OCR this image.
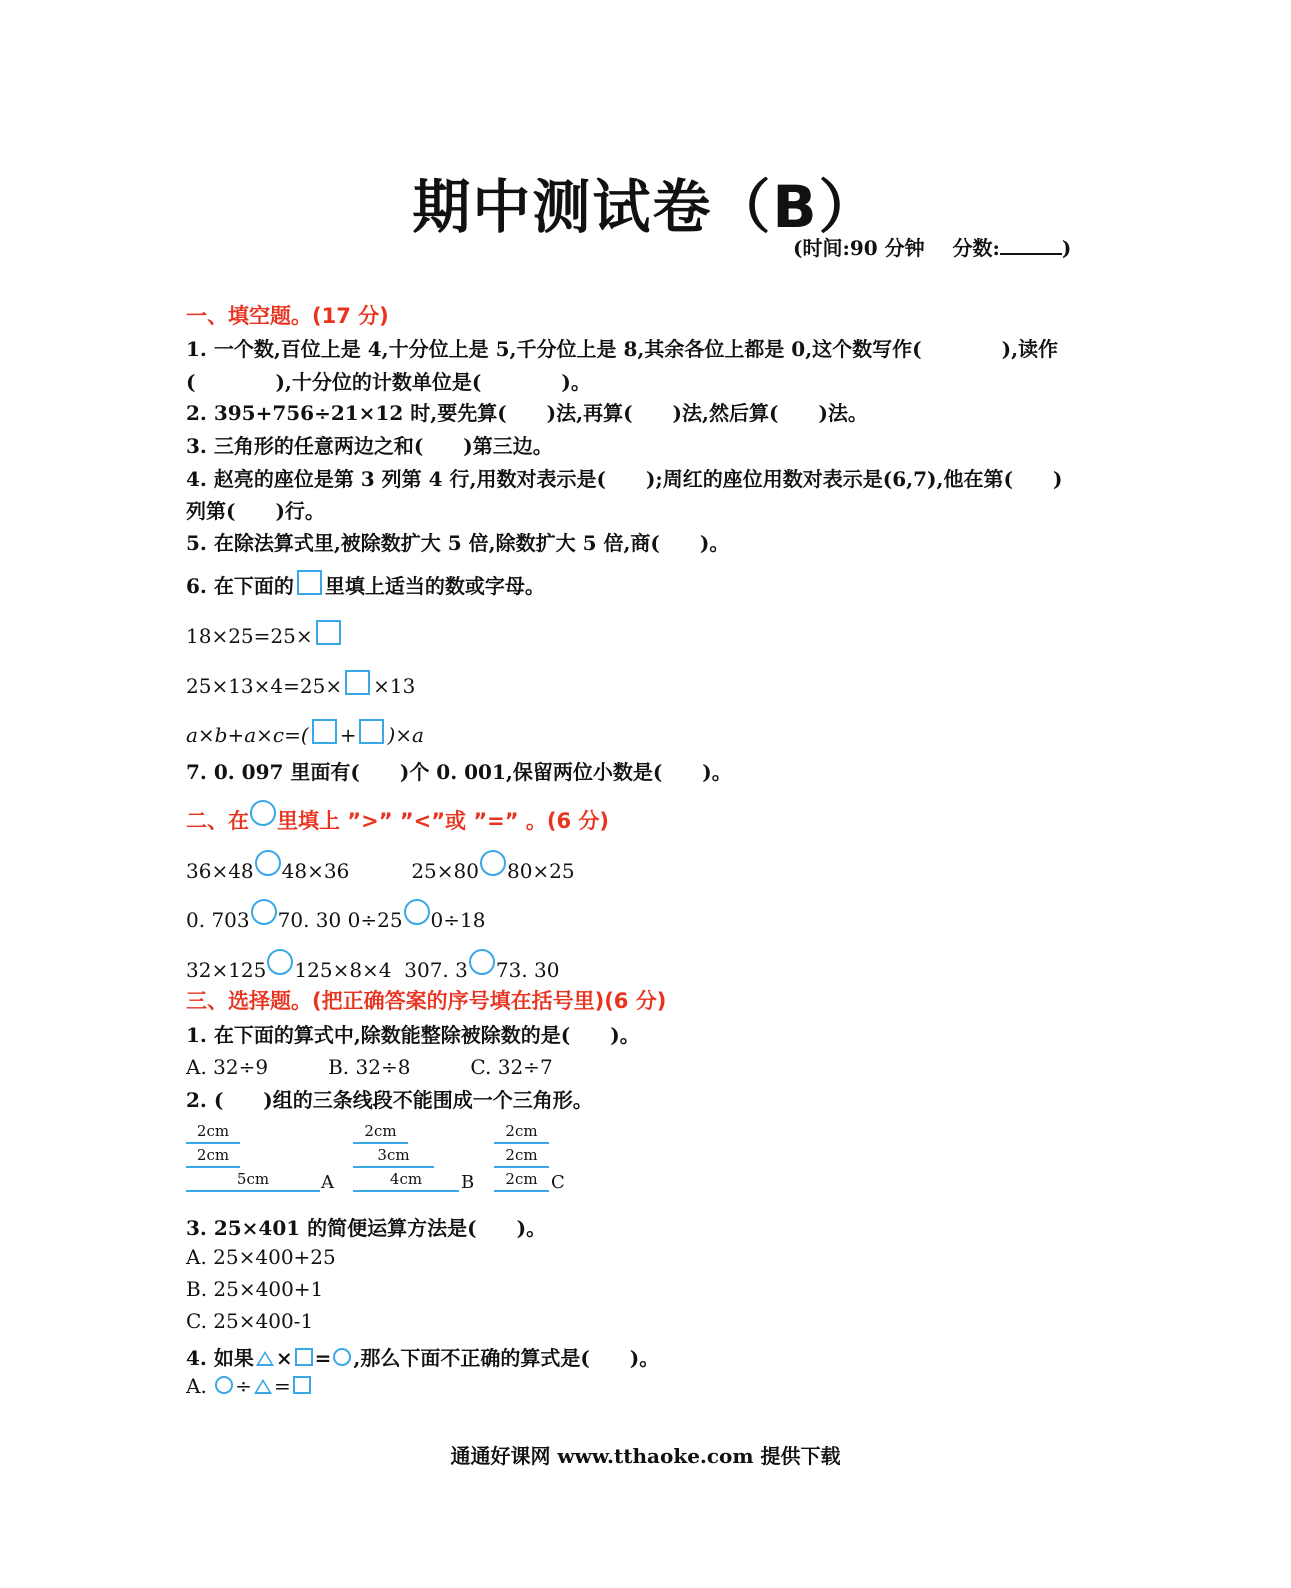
期中测试卷（B）
(时间:90 分钟 分数:	)
一、填空题。(17 分)
1. 一个数,百位上是 4,十分位上是 5,千分位上是 8,其余各位上都是 0,这个数写作(　　　　),读作
(　　　　),十分位的计数单位是(　　　　)。
2. 395+756÷21×12 时,要先算(　　)法,再算(　　)法,然后算(　　)法。
3. 三角形的任意两边之和(　　)第三边。
4. 赵亮的座位是第 3 列第 4 行,用数对表示是(　　);周红的座位用数对表示是(6,7),他在第(　　)
列第(　　)行。
5. 在除法算式里,被除数扩大 5 倍,除数扩大 5 倍,商(　　)。
6. 在下面的 里填上适当的数或字母。
18×25=25×
25×13×4=25× ×13
a×b+a×c=( + )×a
7. 0. 097 里面有(　　)个 0. 001,保留两位小数是(　　)。
二、在 里填上 ”>” ”<”或 ”=” 。(6 分)
36×48 48×36	25×80 80×25
0. 703 70. 30 0÷25 0÷18
32×125 125×8×4 307. 3 73. 30
三、选择题。(把正确答案的序号填在括号里)(6 分)
1. 在下面的算式中,除数能整除被除数的是(　　)。
A. 32÷9　　　B. 32÷8　　　C. 32÷7
2. (　　)组的三条线段不能围成一个三角形。
2cm
2cm
5cm	A
2cm
3cm
4cm	B
2cm
2cm
2cm C
3. 25×401 的简便运算方法是(　　)。
A. 25×400+25
B. 25×400+1
C. 25×400-1
4. 如果 × = ,那么下面不正确的算式是(　　)。
A. ÷ =
通通好课网 www.tthaoke.com 提供下载
